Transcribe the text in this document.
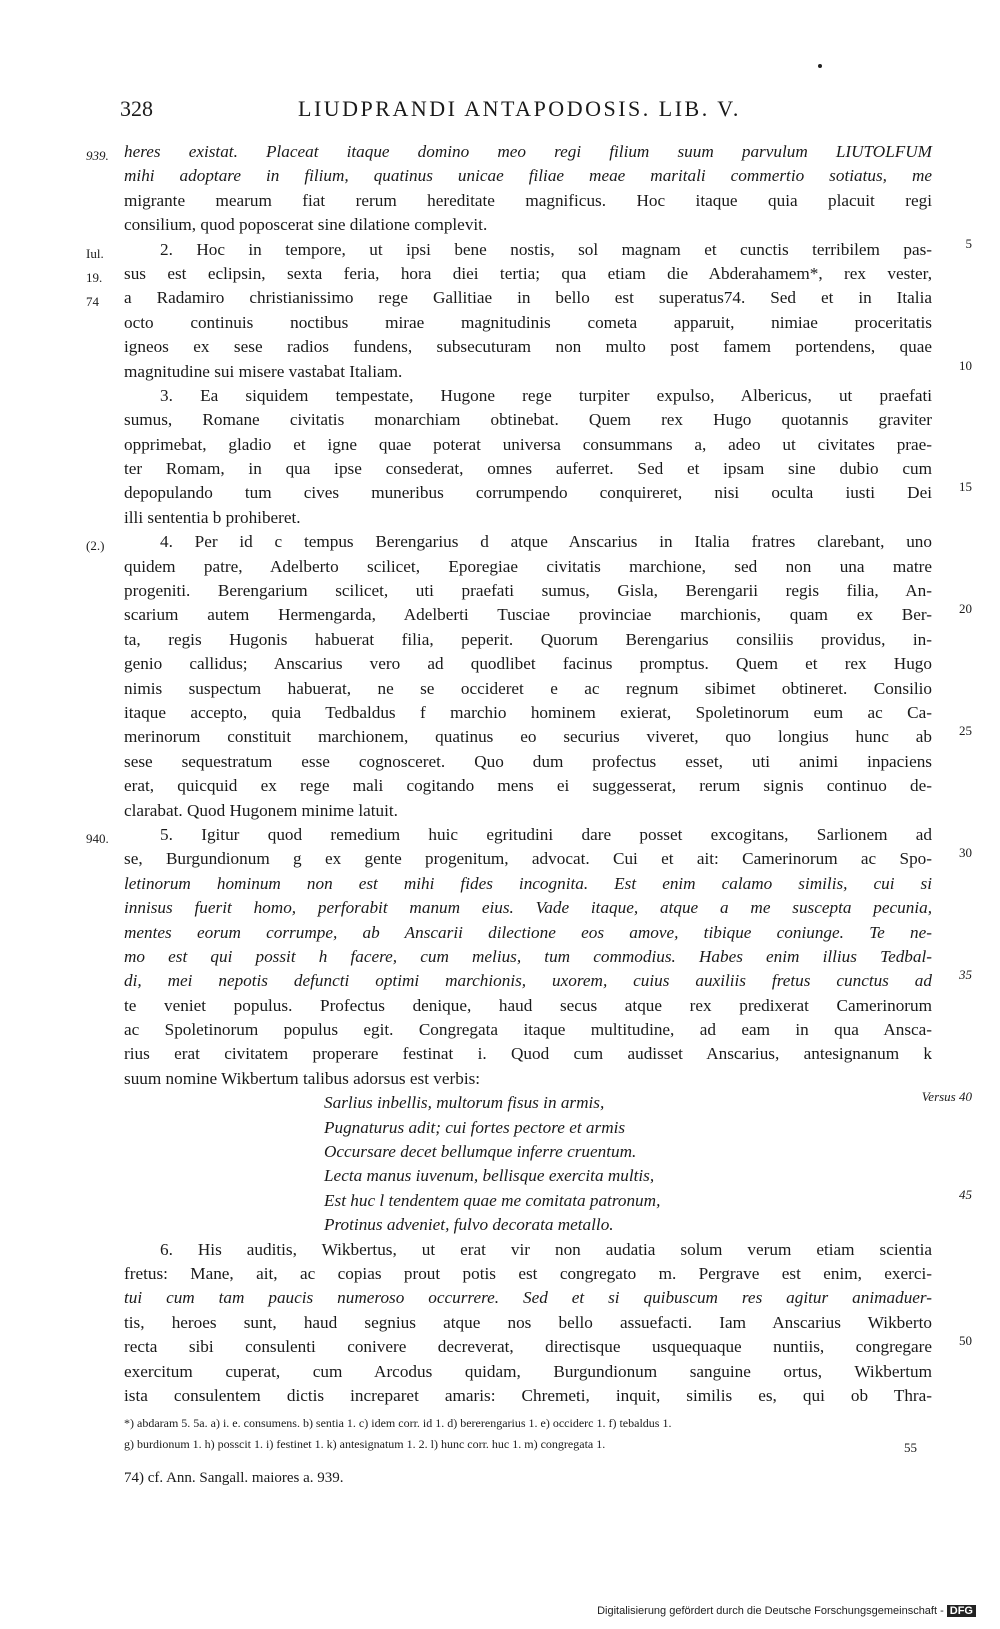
328	LIUDPRANDI ANTAPODOSIS. LIB. V.
heres existat. Placeat itaque domino meo regi filium suum parvulum LIUTOLFUM
939.
mihi adoptare in filium, quatinus unicae filiae meae maritali commertio sotiatus, me
migrante mearum fiat rerum hereditate magnificus. Hoc itaque quia placuit regi
consilium, quod poposcerat sine dilatione complevit.
2. Hoc in tempore, ut ipsi bene nostis, sol magnam et cunctis terribilem pas-
Iul.
5
sus est eclipsin, sexta feria, hora diei tertia; qua etiam die Abderahamem*, rex vester,
19.
a Radamiro christianissimo rege Gallitiae in bello est superatus74. Sed et in Italia
74
octo continuis noctibus mirae magnitudinis cometa apparuit, nimiae proceritatis
igneos ex sese radios fundens, subsecuturam non multo post famem portendens, quae
magnitudine sui misere vastabat Italiam.	10
3. Ea siquidem tempestate, Hugone rege turpiter expulso, Albericus, ut praefati
sumus, Romane civitatis monarchiam obtinebat. Quem rex Hugo quotannis graviter
opprimebat, gladio et igne quae poterat universa consummans a, adeo ut civitates prae-
ter Romam, in qua ipse consederat, omnes auferret. Sed et ipsam sine dubio cum
depopulando tum cives muneribus corrumpendo conquireret, nisi oculta iusti Dei 15
illi sententia b prohiberet.
4. Per id c tempus Berengarius d atque Anscarius in Italia fratres clarebant, uno
(2.)
quidem patre, Adelberto scilicet, Eporegiae civitatis marchione, sed non una matre
progeniti. Berengarium scilicet, uti praefati sumus, Gisla, Berengarii regis filia, An-
scarium autem Hermengarda, Adelberti Tusciae provinciae marchionis, quam ex Ber- 20
ta, regis Hugonis habuerat filia, peperit. Quorum Berengarius consiliis providus, in-
genio callidus; Anscarius vero ad quodlibet facinus promptus. Quem et rex Hugo
nimis suspectum habuerat, ne se occideret e ac regnum sibimet obtineret. Consilio
itaque accepto, quia Tedbaldus f marchio hominem exierat, Spoletinorum eum ac Ca-
merinorum constituit marchionem, quatinus eo securius viveret, quo longius hunc ab 25
sese sequestratum esse cognosceret. Quo dum profectus esset, uti animi inpaciens
erat, quicquid ex rege mali cogitando mens ei suggesserat, rerum signis continuo de-
clarabat. Quod Hugonem minime latuit.
5. Igitur quod remedium huic egritudini dare posset excogitans, Sarlionem ad
940.
se, Burgundionum g ex gente progenitum, advocat. Cui et ait: Camerinorum ac Spo- 30
letinorum hominum non est mihi fides incognita. Est enim calamo similis, cui si
innisus fuerit homo, perforabit manum eius. Vade itaque, atque a me suscepta pecunia,
mentes eorum corrumpe, ab Anscarii dilectione eos amove, tibique coniunge. Te ne-
mo est qui possit h facere, cum melius, tum commodius. Habes enim illius Tedbal-
di, mei nepotis defuncti optimi marchionis, uxorem, cuius auxiliis fretus cunctus ad 35
te veniet populus. Profectus denique, haud secus atque rex predixerat Camerinorum
ac Spoletinorum populus egit. Congregata itaque multitudine, ad eam in qua Ansca-
rius erat civitatem properare festinat i. Quod cum audisset Anscarius, antesignanum k
suum nomine Wikbertum talibus adorsus est verbis:
Sarlius inbellis, multorum fisus in armis,	Versus 40
Pugnaturus adit; cui fortes pectore et armis
Occursare decet bellumque inferre cruentum.
Lecta manus iuvenum, bellisque exercita multis,
Est huc l tendentem quae me comitata patronum,	45
Protinus adveniet, fulvo decorata metallo.
6. His auditis, Wikbertus, ut erat vir non audatia solum verum etiam scientia
fretus: Mane, ait, ac copias prout potis est congregato m. Pergrave est enim, exerci-
tui cum tam paucis numeroso occurrere. Sed et si quibuscum res agitur animaduer-
tis, heroes sunt, haud segnius atque nos bello assuefacti. Iam Anscarius Wikberto
recta sibi consulenti conivere decreverat, directisque usquequaque nuntiis, congregare 50
exercitum cuperat, cum Arcodus quidam, Burgundionum sanguine ortus, Wikbertum
ista consulentem dictis increparet amaris: Chremeti, inquit, similis es, qui ob Thra-
*) abdaram 5. 5a. a) i. e. consumens. b) sentia 1. c) idem corr. id 1. d) bererengarius 1. e) occiderc 1. f) tebaldus 1.
g) burdionum 1. h) posscit 1. i) festinet 1. k) antesignatum 1. 2. l) hunc corr. huc 1. m) congregata 1.	55
74) cf. Ann. Sangall. maiores a. 939.
Digitalisierung gefördert durch die Deutsche Forschungsgemeinschaft - DFG
